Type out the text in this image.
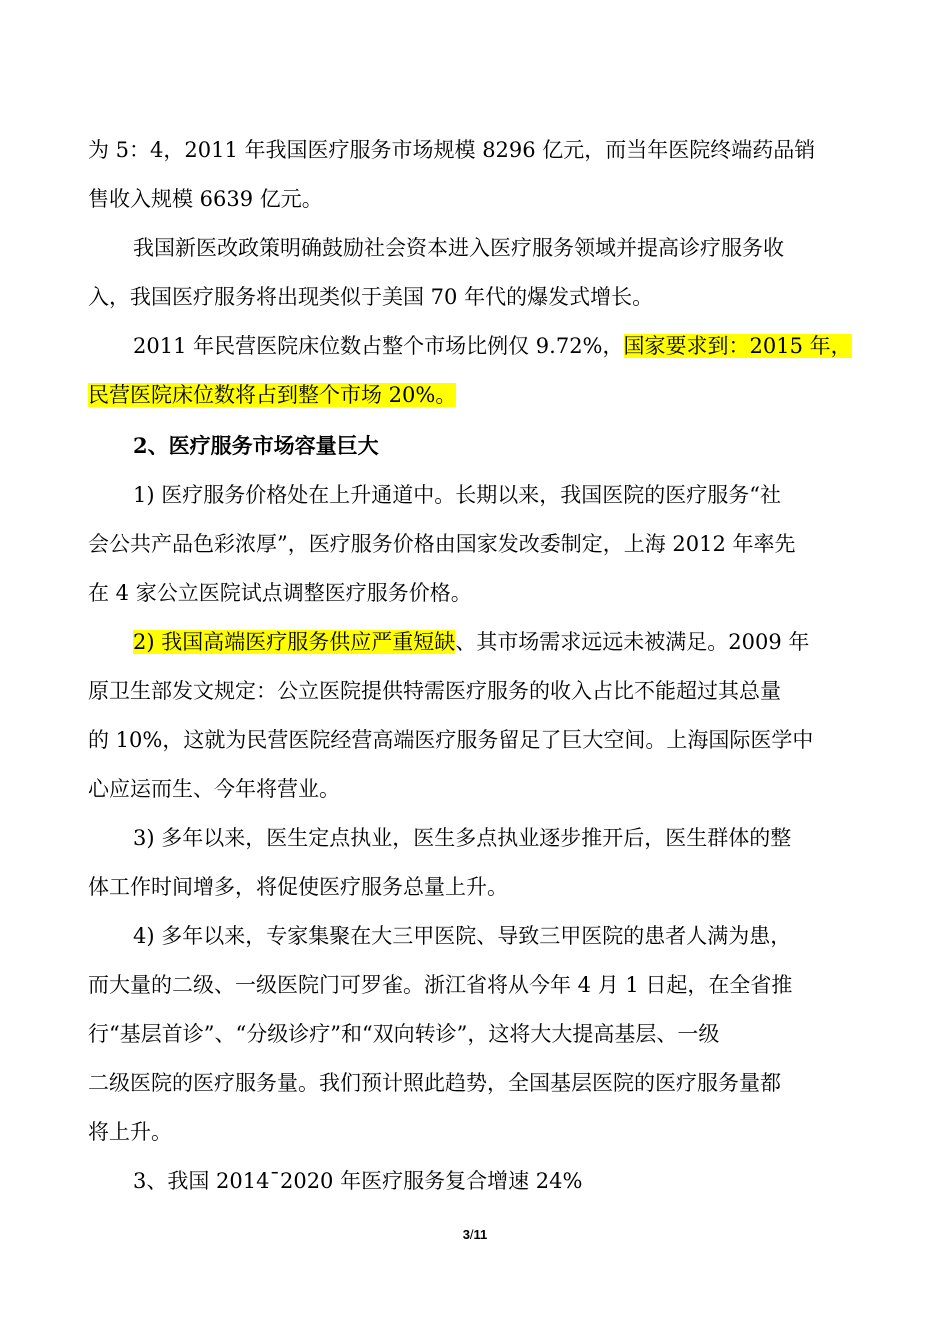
为 5：4，2011 年我国医疗服务市场规模 8296 亿元，而当年医院终端药品销
售收入规模 6639 亿元。
我国新医改政策明确鼓励社会资本进入医疗服务领域并提高诊疗服务收
入，我国医疗服务将出现类似于美国 70 年代的爆发式增长。
2011 年民营医院床位数占整个市场比例仅 9.72%，国家要求到：2015 年，
民营医院床位数将占到整个市场 20%。
2、医疗服务市场容量巨大
1) 医疗服务价格处在上升通道中。长期以来，我国医院的医疗服务“社
会公共产品色彩浓厚”，医疗服务价格由国家发改委制定，上海 2012 年率先
在 4 家公立医院试点调整医疗服务价格。
2) 我国高端医疗服务供应严重短缺、其市场需求远远未被满足。2009 年
原卫生部发文规定：公立医院提供特需医疗服务的收入占比不能超过其总量
的 10%，这就为民营医院经营高端医疗服务留足了巨大空间。上海国际医学中
心应运而生、今年将营业。
3) 多年以来，医生定点执业，医生多点执业逐步推开后，医生群体的整
体工作时间增多，将促使医疗服务总量上升。
4) 多年以来，专家集聚在大三甲医院、导致三甲医院的患者人满为患，
而大量的二级、一级医院门可罗雀。浙江省将从今年 4 月 1 日起，在全省推
行“基层首诊”、“分级诊疗”和“双向转诊”，这将大大提高基层、一级
二级医院的医疗服务量。我们预计照此趋势，全国基层医院的医疗服务量都
将上升。
3、我国 2014¯2020 年医疗服务复合增速 24%
3/11
